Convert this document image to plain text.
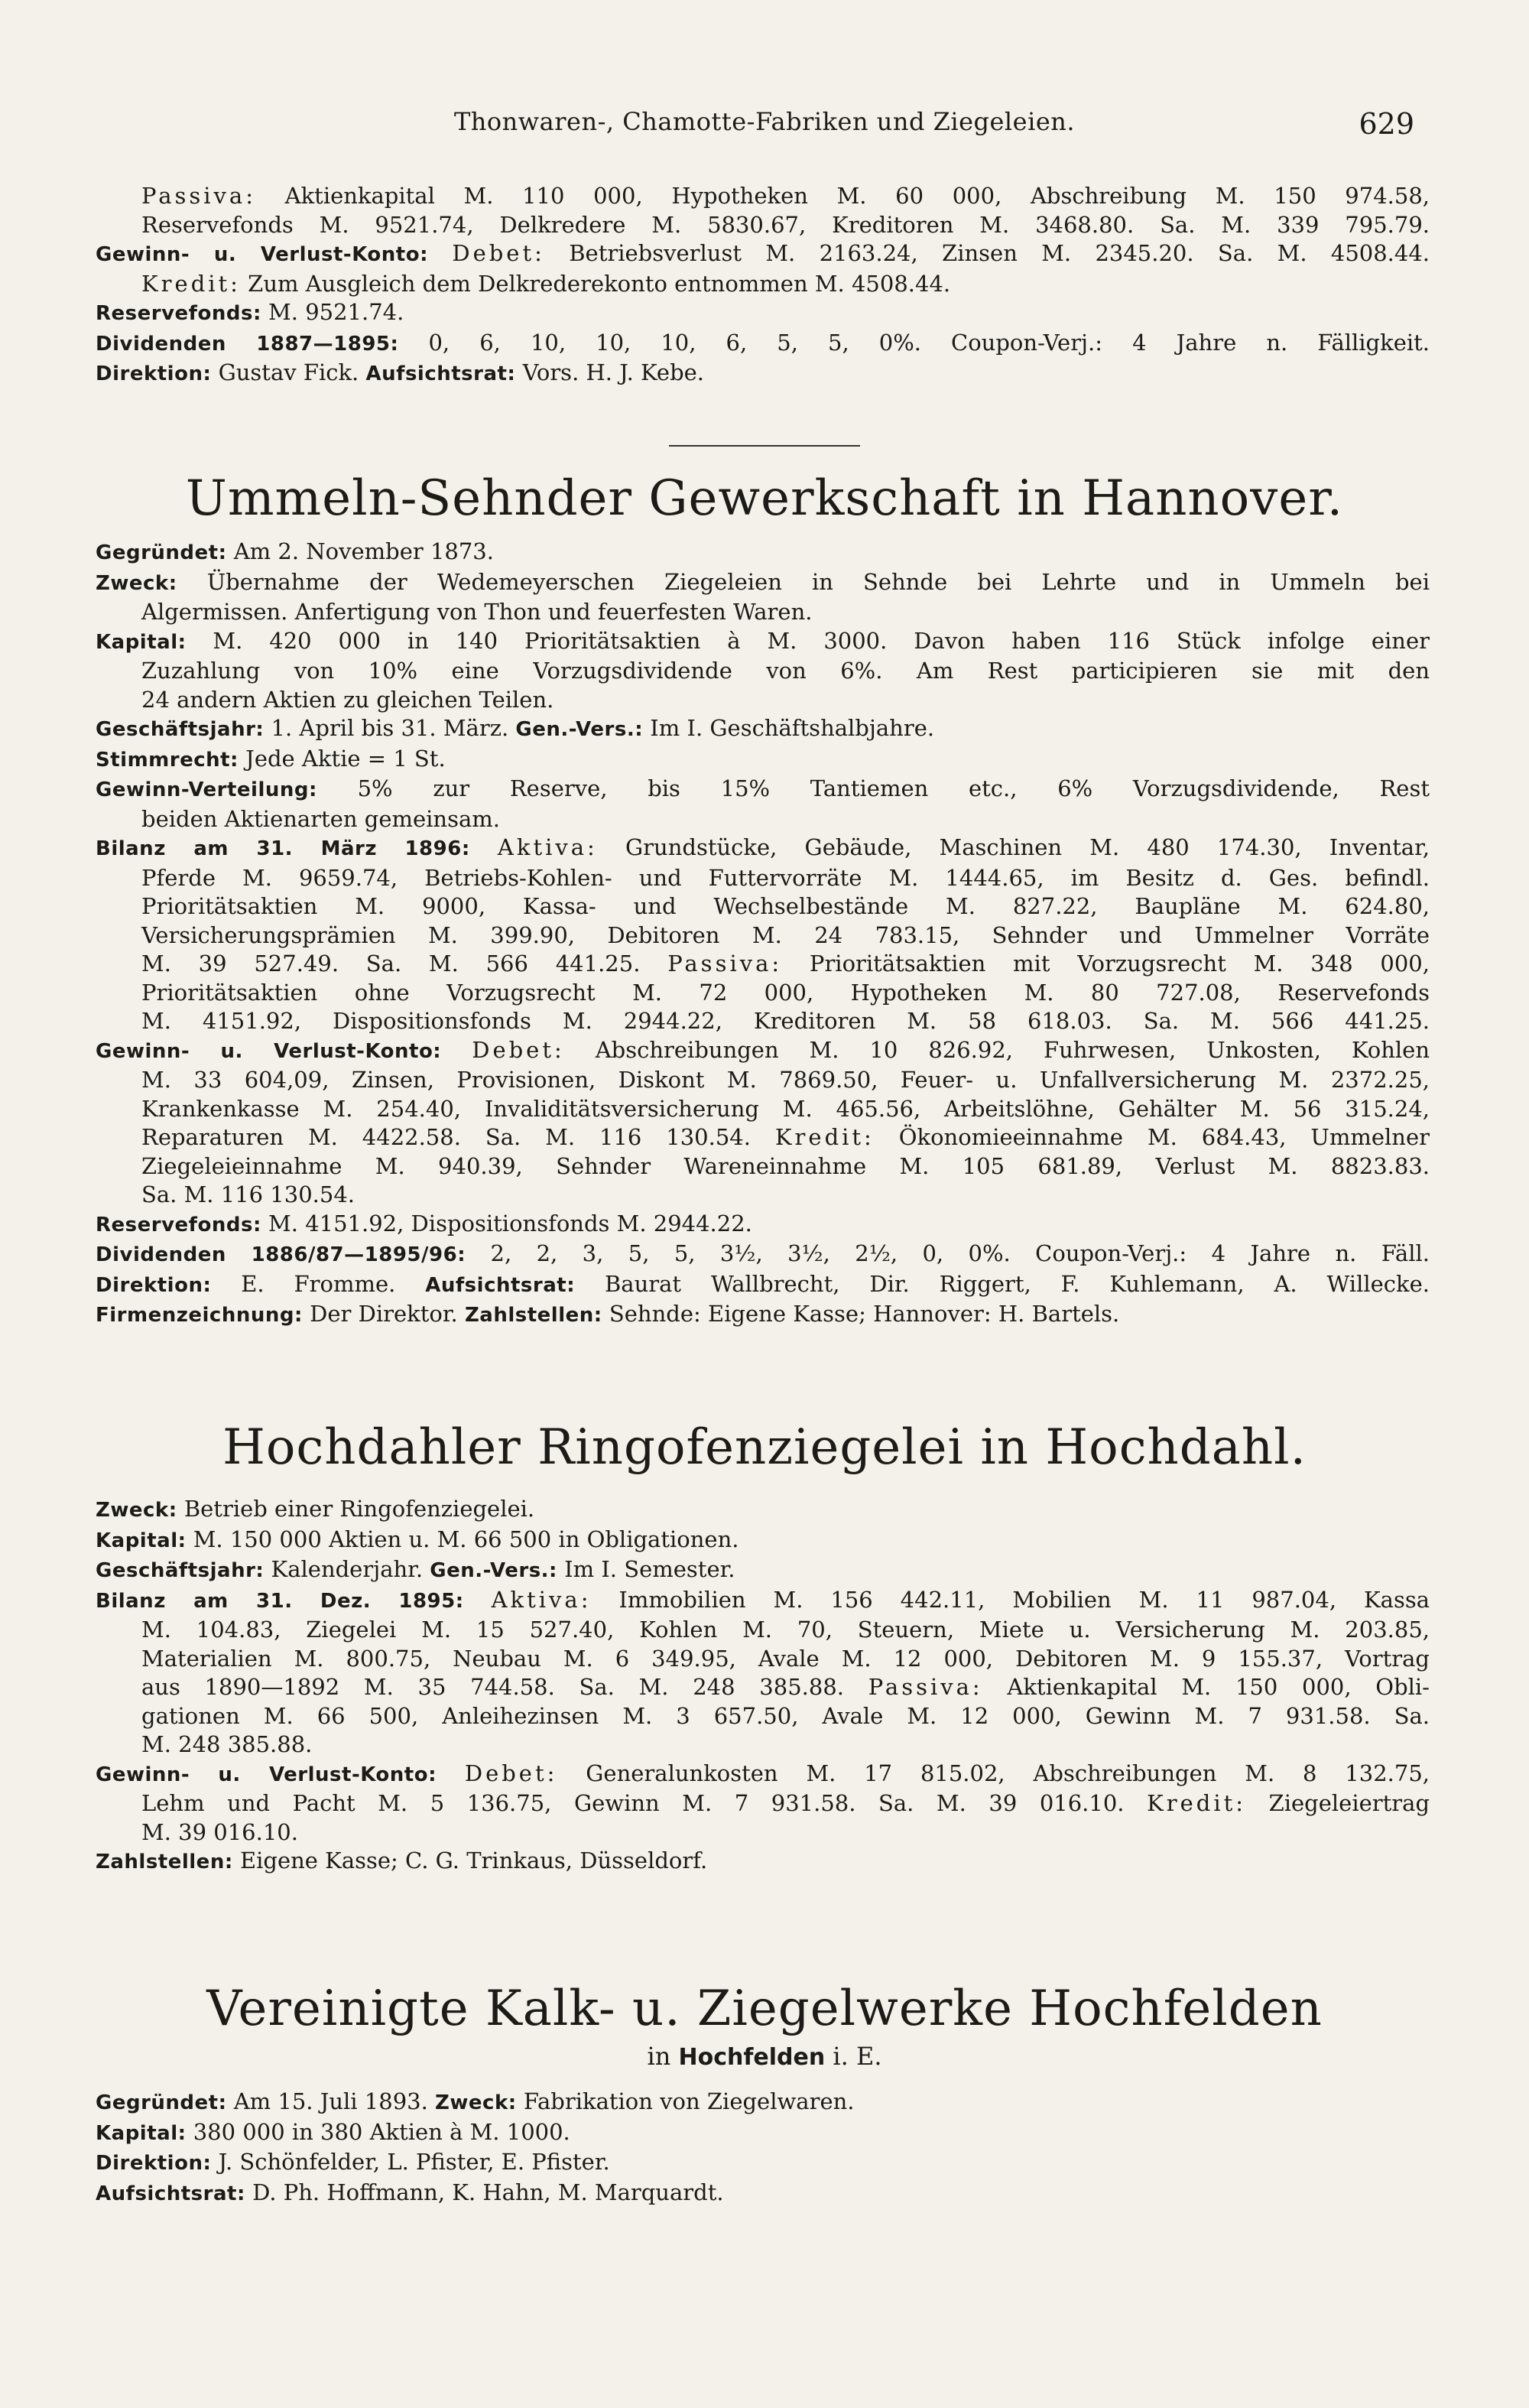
Thonwaren-, Chamotte-Fabriken und Ziegeleien.	629
Passiva: Aktienkapital M. 110 000, Hypotheken M. 60 000, Abschreibung M. 150 974.58,
Reservefonds M. 9521.74, Delkredere M. 5830.67, Kreditoren M. 3468.80. Sa. M. 339 795.79.
Gewinn- u. Verlust-Konto: Debet: Betriebsverlust M. 2163.24, Zinsen M. 2345.20. Sa. M. 4508.44.
Kredit: Zum Ausgleich dem Delkrederekonto entnommen M. 4508.44.
Reservefonds: M. 9521.74.
Dividenden 1887—1895: 0, 6, 10, 10, 10, 6, 5, 5, 0%. Coupon-Verj.: 4 Jahre n. Fälligkeit.
Direktion: Gustav Fick. Aufsichtsrat: Vors. H. J. Kebe.
Ummeln-Sehnder Gewerkschaft in Hannover.
Gegründet: Am 2. November 1873.
Zweck: Übernahme der Wedemeyerschen Ziegeleien in Sehnde bei Lehrte und in Ummeln bei
Algermissen. Anfertigung von Thon und feuerfesten Waren.
Kapital: M. 420 000 in 140 Prioritätsaktien à M. 3000. Davon haben 116 Stück infolge einer
Zuzahlung von 10% eine Vorzugsdividende von 6%. Am Rest participieren sie mit den
24 andern Aktien zu gleichen Teilen.
Geschäftsjahr: 1. April bis 31. März. Gen.-Vers.: Im I. Geschäftshalbjahre.
Stimmrecht: Jede Aktie = 1 St.
Gewinn-Verteilung: 5% zur Reserve, bis 15% Tantiemen etc., 6% Vorzugsdividende, Rest
beiden Aktienarten gemeinsam.
Bilanz am 31. März 1896: Aktiva: Grundstücke, Gebäude, Maschinen M. 480 174.30, Inventar,
Pferde M. 9659.74, Betriebs-Kohlen- und Futtervorräte M. 1444.65, im Besitz d. Ges. befindl.
Prioritätsaktien M. 9000, Kassa- und Wechselbestände M. 827.22, Baupläne M. 624.80,
Versicherungsprämien M. 399.90, Debitoren M. 24 783.15, Sehnder und Ummelner Vorräte
M. 39 527.49. Sa. M. 566 441.25. Passiva: Prioritätsaktien mit Vorzugsrecht M. 348 000,
Prioritätsaktien ohne Vorzugsrecht M. 72 000, Hypotheken M. 80 727.08, Reservefonds
M. 4151.92, Dispositionsfonds M. 2944.22, Kreditoren M. 58 618.03. Sa. M. 566 441.25.
Gewinn- u. Verlust-Konto: Debet: Abschreibungen M. 10 826.92, Fuhrwesen, Unkosten, Kohlen
M. 33 604,09, Zinsen, Provisionen, Diskont M. 7869.50, Feuer- u. Unfallversicherung M. 2372.25,
Krankenkasse M. 254.40, Invaliditätsversicherung M. 465.56, Arbeitslöhne, Gehälter M. 56 315.24,
Reparaturen M. 4422.58. Sa. M. 116 130.54. Kredit: Ökonomieeinnahme M. 684.43, Ummelner
Ziegeleieinnahme M. 940.39, Sehnder Wareneinnahme M. 105 681.89, Verlust M. 8823.83.
Sa. M. 116 130.54.
Reservefonds: M. 4151.92, Dispositionsfonds M. 2944.22.
Dividenden 1886/87—1895/96: 2, 2, 3, 5, 5, 3½, 3½, 2½, 0, 0%. Coupon-Verj.: 4 Jahre n. Fäll.
Direktion: E. Fromme. Aufsichtsrat: Baurat Wallbrecht, Dir. Riggert, F. Kuhlemann, A. Willecke.
Firmenzeichnung: Der Direktor. Zahlstellen: Sehnde: Eigene Kasse; Hannover: H. Bartels.
Hochdahler Ringofenziegelei in Hochdahl.
Zweck: Betrieb einer Ringofenziegelei.
Kapital: M. 150 000 Aktien u. M. 66 500 in Obligationen.
Geschäftsjahr: Kalenderjahr. Gen.-Vers.: Im I. Semester.
Bilanz am 31. Dez. 1895: Aktiva: Immobilien M. 156 442.11, Mobilien M. 11 987.04, Kassa
M. 104.83, Ziegelei M. 15 527.40, Kohlen M. 70, Steuern, Miete u. Versicherung M. 203.85,
Materialien M. 800.75, Neubau M. 6 349.95, Avale M. 12 000, Debitoren M. 9 155.37, Vortrag
aus 1890—1892 M. 35 744.58. Sa. M. 248 385.88. Passiva: Aktienkapital M. 150 000, Obli-
gationen M. 66 500, Anleihezinsen M. 3 657.50, Avale M. 12 000, Gewinn M. 7 931.58. Sa.
M. 248 385.88.
Gewinn- u. Verlust-Konto: Debet: Generalunkosten M. 17 815.02, Abschreibungen M. 8 132.75,
Lehm und Pacht M. 5 136.75, Gewinn M. 7 931.58. Sa. M. 39 016.10. Kredit: Ziegeleiertrag
M. 39 016.10.
Zahlstellen: Eigene Kasse; C. G. Trinkaus, Düsseldorf.
Vereinigte Kalk- u. Ziegelwerke Hochfelden
in Hochfelden i. E.
Gegründet: Am 15. Juli 1893. Zweck: Fabrikation von Ziegelwaren.
Kapital: 380 000 in 380 Aktien à M. 1000.
Direktion: J. Schönfelder, L. Pfister, E. Pfister.
Aufsichtsrat: D. Ph. Hoffmann, K. Hahn, M. Marquardt.
